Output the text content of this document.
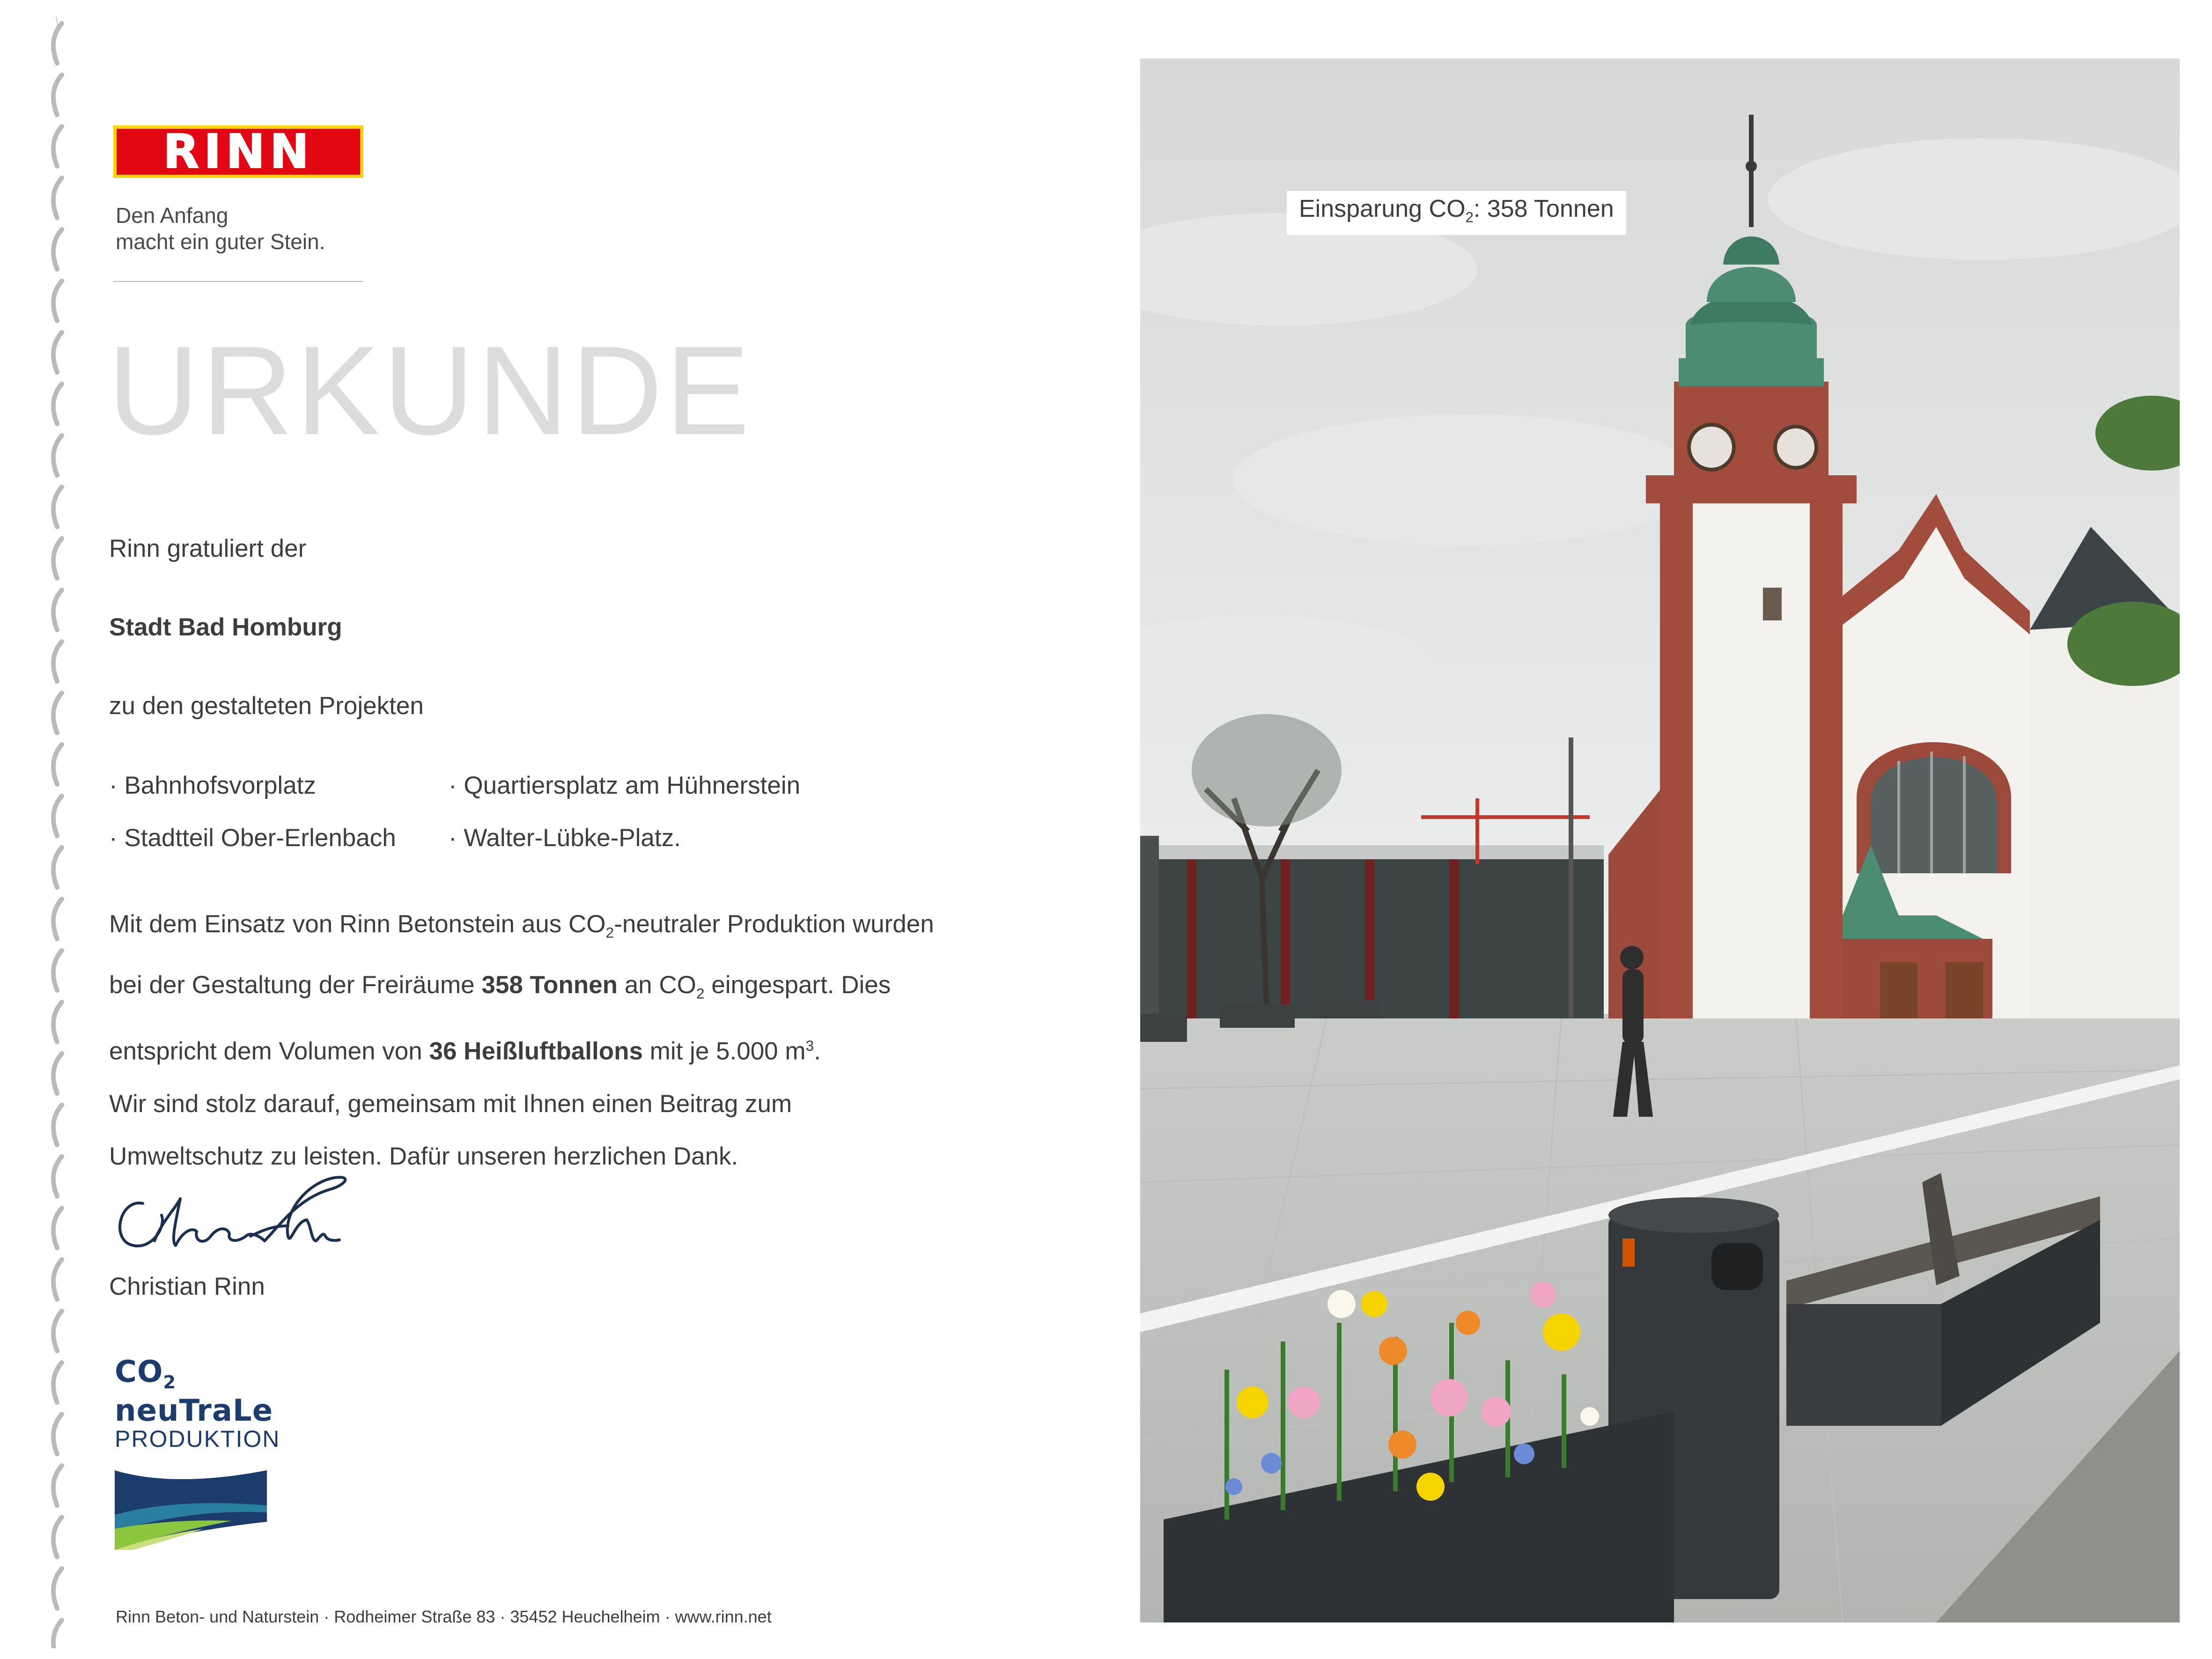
RINN
Den Anfang
macht ein guter Stein.
URKUNDE
Rinn gratuliert der
Stadt Bad Homburg
zu den gestalteten Projekten
· Bahnhofsvorplatz
· Stadtteil Ober-Erlenbach
· Quartiersplatz am Hühnerstein
· Walter-Lübke-Platz.

Mit dem Einsatz von Rinn Betonstein aus $CO_2$-neutraler Produktion wurden

bei der Gestaltung der Freiräume 358 Tonnen an $CO_2$ eingespart. Dies

entspricht dem Volumen von 36 Heißluftballons mit je 5.000 $m^3$.

Wir sind stolz darauf, gemeinsam mit Ihnen einen Beitrag zum

Umweltschutz zu leisten. Dafür unseren herzlichen Dank.

Christian Rinn
$CO_2$
neuTraLe
PRODUKTION
Rinn Beton- und Naturstein · Rodheimer Straße 83 · 35452 Heuchelheim · www.rinn.net
Einsparung $CO_2$: 358 Tonnen
